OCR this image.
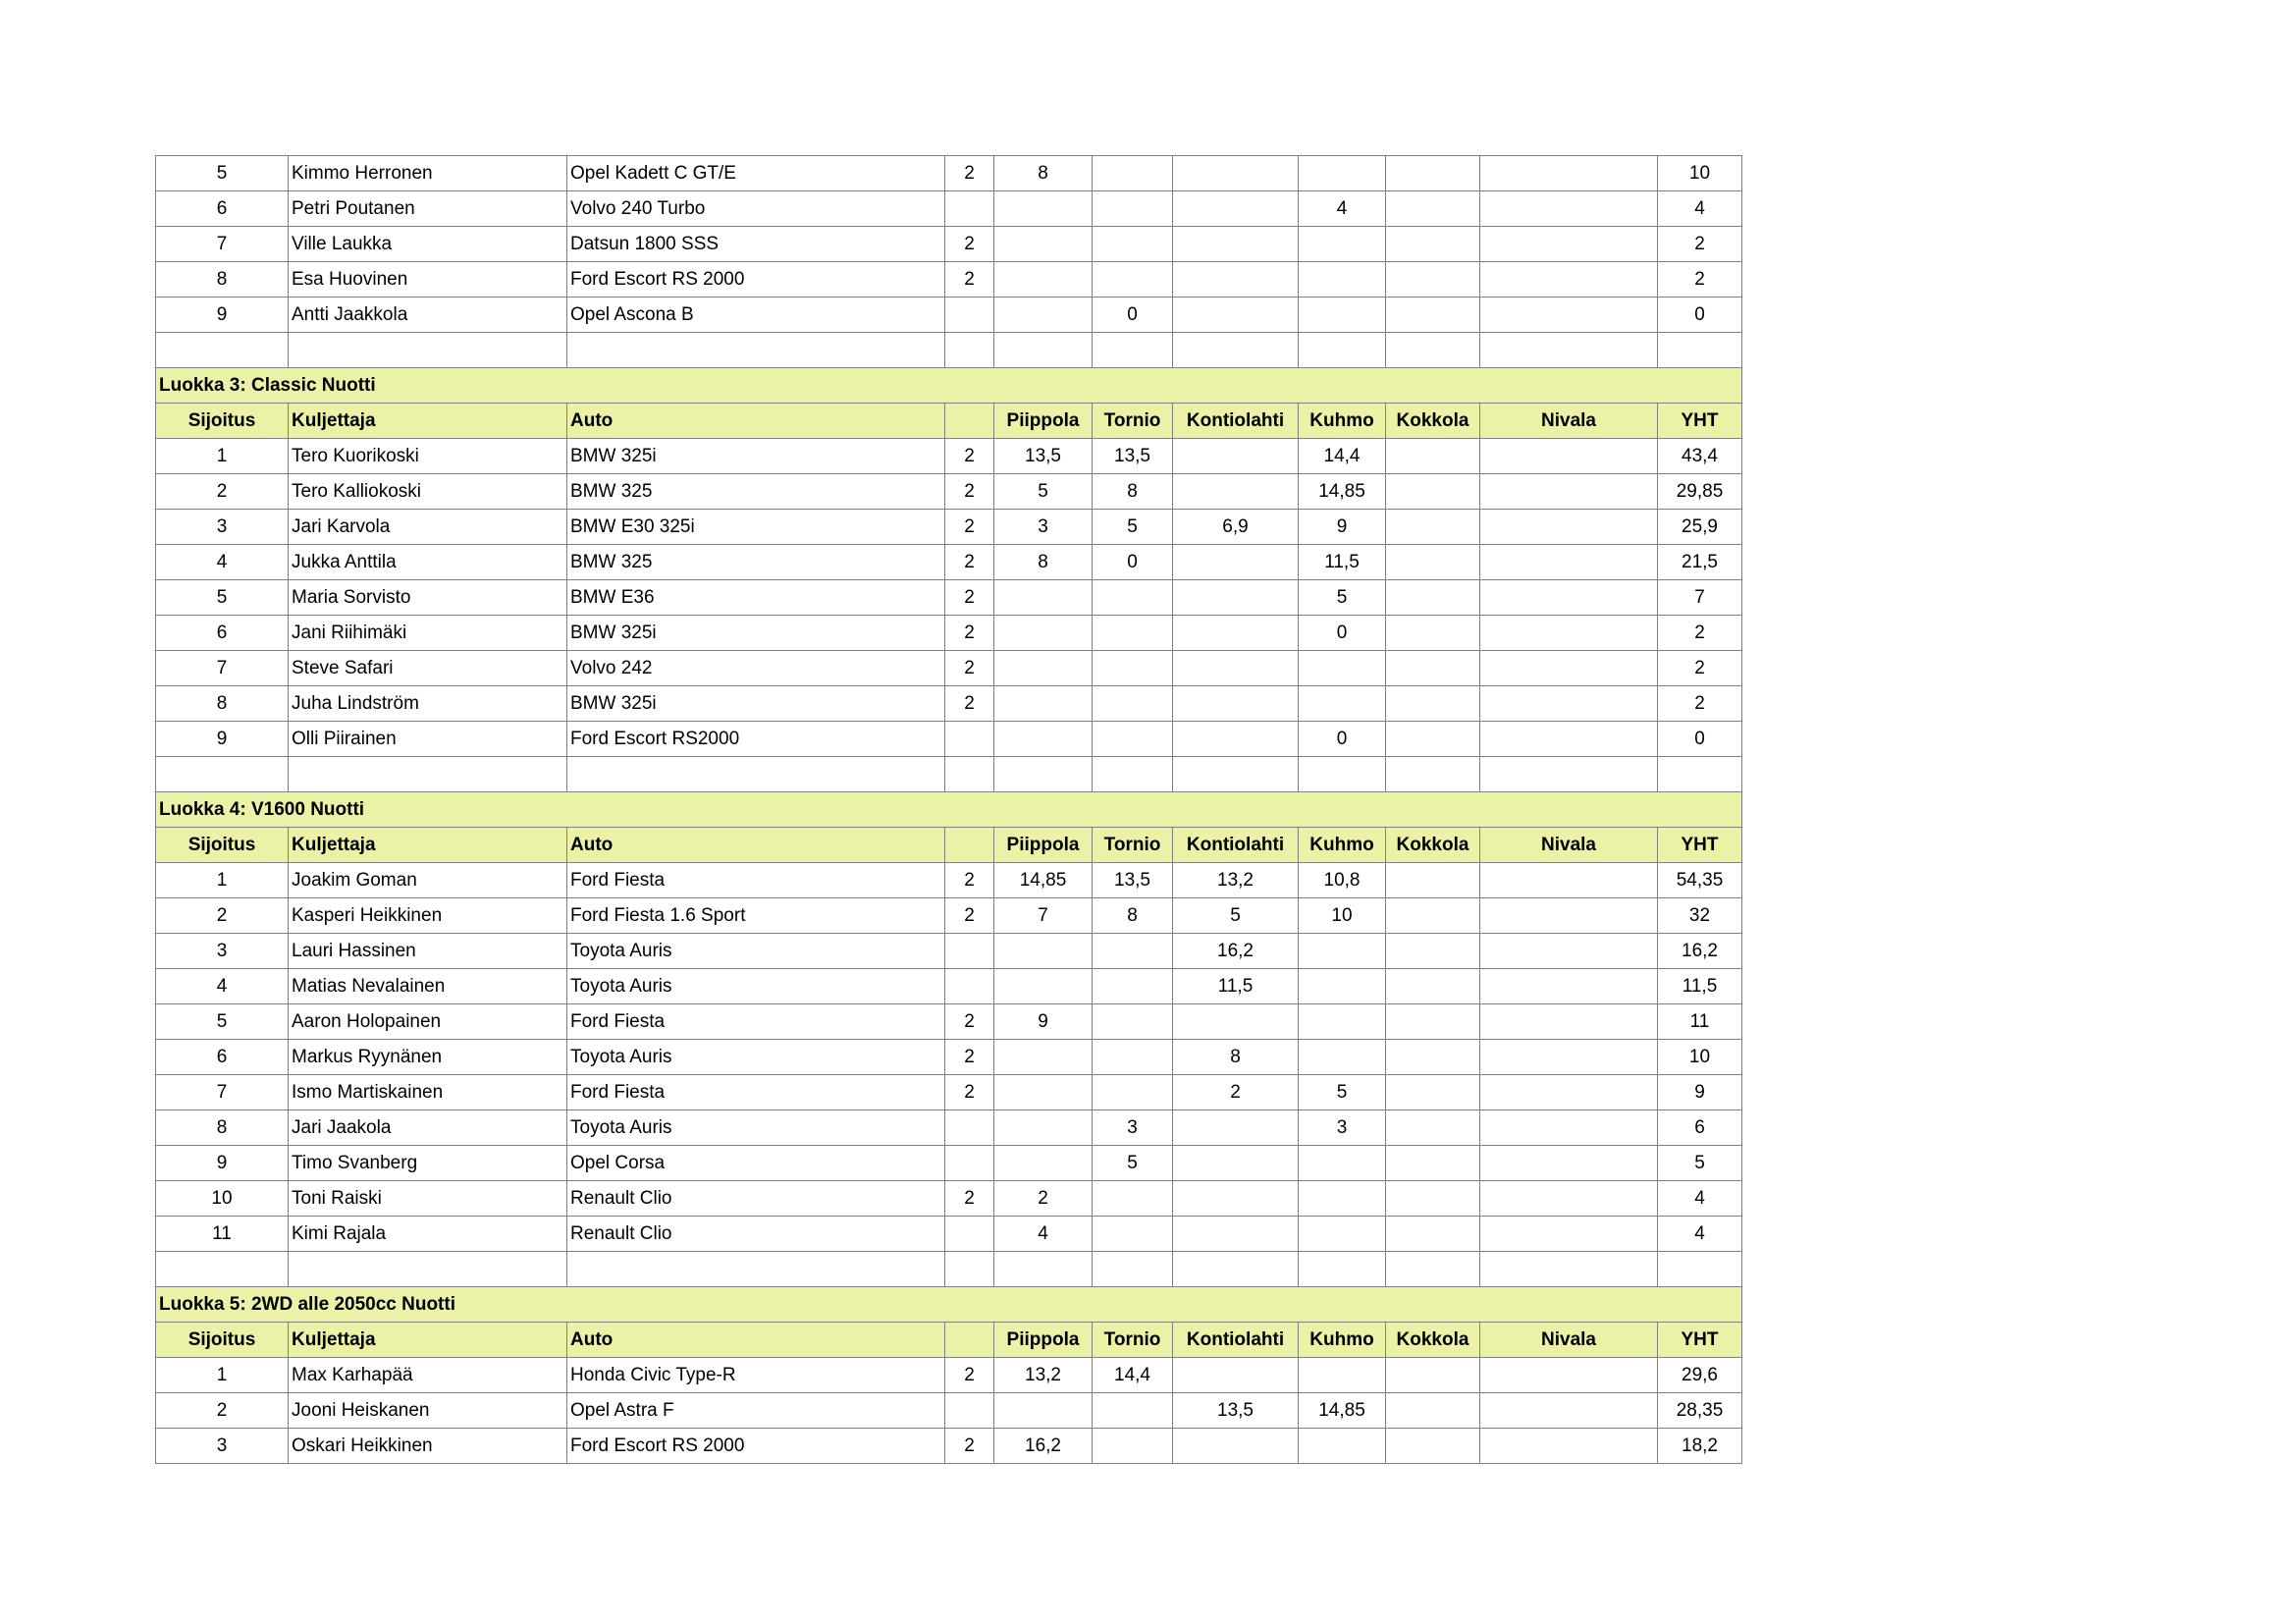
5	Kimmo Herronen	Opel Kadett C GT/E	2	8						10
6	Petri Poutanen	Volvo 240 Turbo					4			4
7	Ville Laukka	Datsun 1800 SSS	2							2
8	Esa Huovinen	Ford Escort RS 2000	2							2
9	Antti Jaakkola	Opel Ascona B			0					0

Luokka 3: Classic Nuotti										
Sijoitus	Kuljettaja	Auto		Piippola	Tornio	Kontiolahti	Kuhmo	Kokkola	Nivala	YHT
1	Tero Kuorikoski	BMW 325i	2	13,5	13,5		14,4			43,4
2	Tero Kalliokoski	BMW 325	2	5	8		14,85			29,85
3	Jari Karvola	BMW E30 325i	2	3	5	6,9	9			25,9
4	Jukka Anttila	BMW 325	2	8	0		11,5			21,5
5	Maria Sorvisto	BMW E36	2				5			7
6	Jani Riihimäki	BMW 325i	2				0			2
7	Steve Safari	Volvo 242	2							2
8	Juha Lindström	BMW 325i	2							2
9	Olli Piirainen	Ford Escort RS2000					0			0

Luokka 4: V1600 Nuotti										
Sijoitus	Kuljettaja	Auto		Piippola	Tornio	Kontiolahti	Kuhmo	Kokkola	Nivala	YHT
1	Joakim Goman	Ford Fiesta	2	14,85	13,5	13,2	10,8			54,35
2	Kasperi Heikkinen	Ford Fiesta 1.6 Sport	2	7	8	5	10			32
3	Lauri Hassinen	Toyota Auris				16,2				16,2
4	Matias Nevalainen	Toyota Auris				11,5				11,5
5	Aaron Holopainen	Ford Fiesta	2	9						11
6	Markus Ryynänen	Toyota Auris	2			8				10
7	Ismo Martiskainen	Ford Fiesta	2			2	5			9
8	Jari Jaakola	Toyota Auris			3		3			6
9	Timo Svanberg	Opel Corsa			5					5
10	Toni Raiski	Renault Clio	2	2						4
11	Kimi Rajala	Renault Clio		4						4

Luokka 5: 2WD alle 2050cc Nuotti										
Sijoitus	Kuljettaja	Auto		Piippola	Tornio	Kontiolahti	Kuhmo	Kokkola	Nivala	YHT
1	Max Karhapää	Honda Civic Type-R	2	13,2	14,4					29,6
2	Jooni Heiskanen	Opel Astra F				13,5	14,85			28,35
3	Oskari Heikkinen	Ford Escort RS 2000	2	16,2						18,2
